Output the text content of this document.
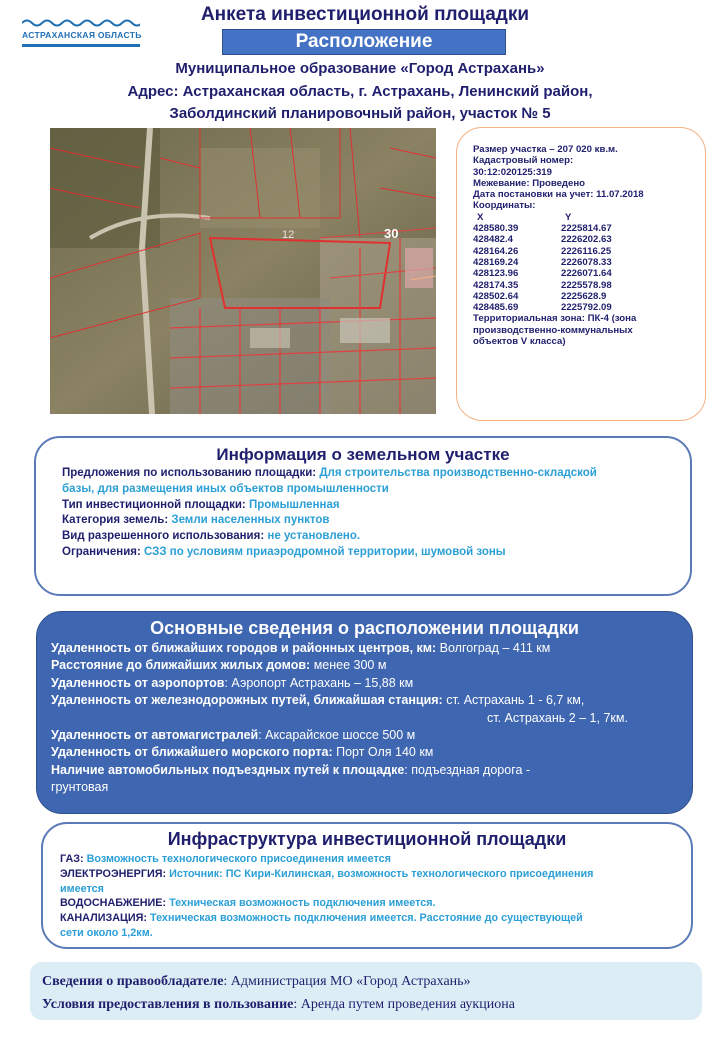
АСТРАХАНСКАЯ ОБЛАСТЬ
Анкета инвестиционной площадки
Расположение
Муниципальное образование «Город Астрахань»
Адрес: Астраханская область, г. Астрахань, Ленинский район,
Заболдинский планировочный район, участок № 5
30
12
Размер участка – 207 020 кв.м.
Кадастровый номер:
30:12:020125:319
Межевание: Проведено
Дата постановки на учет: 11.07.2018
Координаты:
X	Y
428580.39	2225814.67
428482.4	2226202.63
428164.26	2226116.25
428169.24	2226078.33
428123.96	2226071.64
428174.35	2225578.98
428502.64	2225628.9
428485.69	2225792.09
Территориальная зона: ПК-4 (зона
производственно-коммунальных
объектов V класса)
Информация о земельном участке
Предложения по использованию площадки: Для строительства производственно-складской
базы, для размещения иных объектов промышленности
Тип инвестиционной площадки: Промышленная
Категория земель: Земли населенных пунктов
Вид разрешенного использования: не установлено.
Ограничения: СЗЗ по условиям приаэродромной территории, шумовой зоны
Основные сведения о расположении площадки
Удаленность от ближайших городов и районных центров, км: Волгоград – 411 км
Расстояние до ближайших жилых домов: менее 300 м
Удаленность от аэропортов: Аэропорт Астрахань – 15,88 км
Удаленность от железнодорожных путей, ближайшая станция: ст. Астрахань 1 - 6,7 км,
ст. Астрахань 2 – 1, 7км.
Удаленность от автомагистралей: Аксарайское шоссе 500 м
Удаленность от ближайшего морского порта: Порт Оля 140 км
Наличие автомобильных подъездных путей к площадке: подъездная дорога -
грунтовая
Инфраструктура инвестиционной площадки
ГАЗ: Возможность технологического присоединения имеется
ЭЛЕКТРОЭНЕРГИЯ: Источник: ПС Кири-Килинская, возможность технологического присоединения
имеется
ВОДОСНАБЖЕНИЕ: Техническая возможность подключения имеется.
КАНАЛИЗАЦИЯ: Техническая возможность подключения имеется. Расстояние до существующей
сети около 1,2км.
Сведения о правообладателе: Администрация МО «Город Астрахань»
Условия предоставления в пользование: Аренда путем проведения аукциона
